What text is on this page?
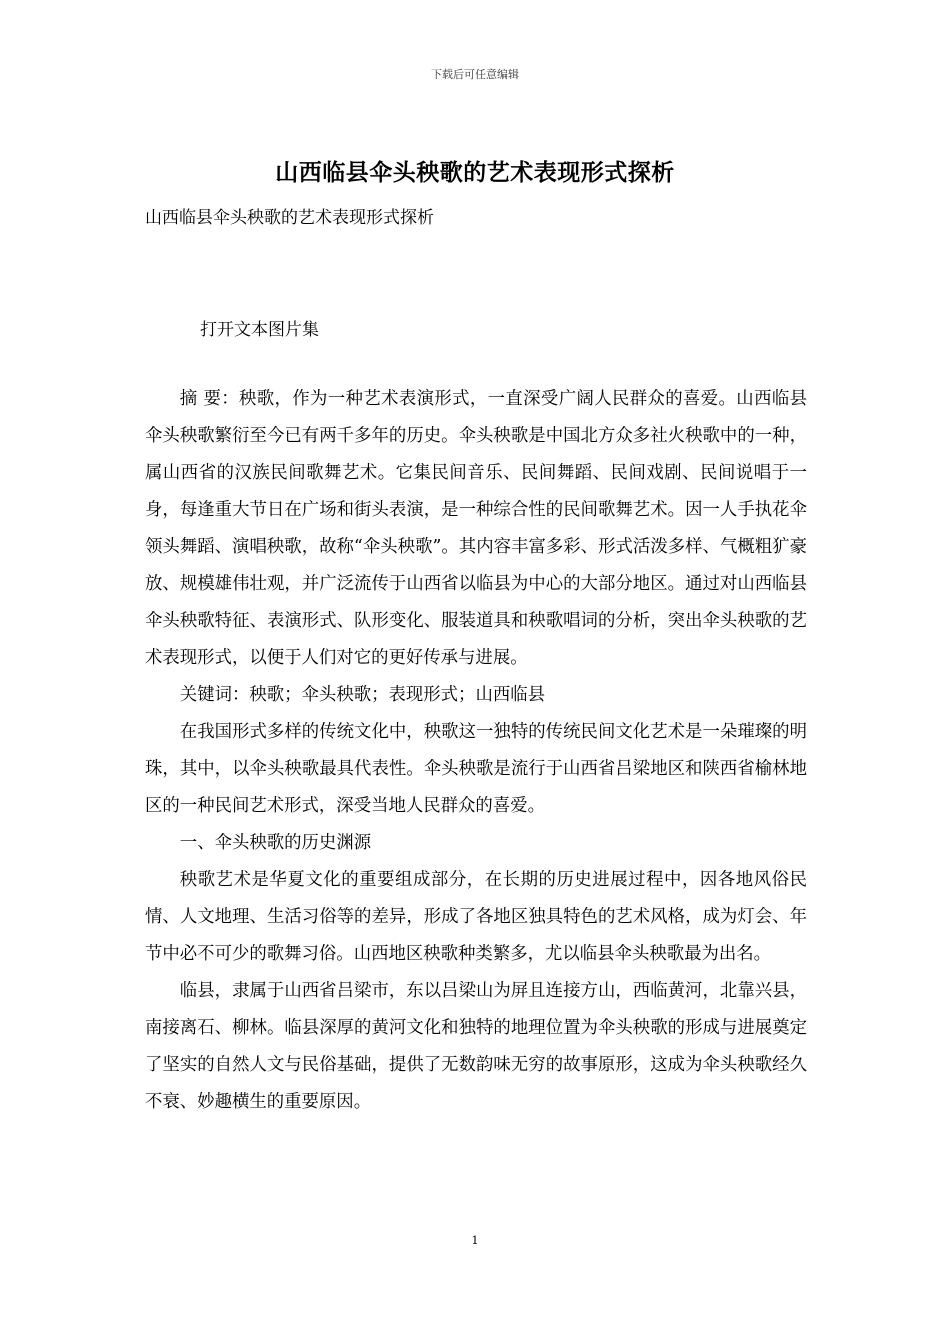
下载后可任意编辑
山西临县伞头秧歌的艺术表现形式探析
山西临县伞头秧歌的艺术表现形式探析
打开文本图片集

摘 要：秧歌，作为一种艺术表演形式，一直深受广阔人民群众的喜爱。山西临县伞头秧歌繁衍至今已有两千多年的历史。伞头秧歌是中国北方众多社火秧歌中的一种，属山西省的汉族民间歌舞艺术。它集民间音乐、民间舞蹈、民间戏剧、民间说唱于一身，每逢重大节日在广场和街头表演，是一种综合性的民间歌舞艺术。因一人手执花伞领头舞蹈、演唱秧歌，故称“伞头秧歌”。其内容丰富多彩、形式活泼多样、气概粗犷豪放、规模雄伟壮观，并广泛流传于山西省以临县为中心的大部分地区。通过对山西临县伞头秧歌特征、表演形式、队形变化、服装道具和秧歌唱词的分析，突出伞头秧歌的艺术表现形式，以便于人们对它的更好传承与进展。

关键词：秧歌；伞头秧歌；表现形式；山西临县

在我国形式多样的传统文化中，秧歌这一独特的传统民间文化艺术是一朵璀璨的明珠，其中，以伞头秧歌最具代表性。伞头秧歌是流行于山西省吕梁地区和陕西省榆林地区的一种民间艺术形式，深受当地人民群众的喜爱。

一、伞头秧歌的历史渊源

秧歌艺术是华夏文化的重要组成部分，在长期的历史进展过程中，因各地风俗民情、人文地理、生活习俗等的差异，形成了各地区独具特色的艺术风格，成为灯会、年节中必不可少的歌舞习俗。山西地区秧歌种类繁多，尤以临县伞头秧歌最为出名。

临县，隶属于山西省吕梁市，东以吕梁山为屏且连接方山，西临黄河，北靠兴县，南接离石、柳林。临县深厚的黄河文化和独特的地理位置为伞头秧歌的形成与进展奠定了坚实的自然人文与民俗基础，提供了无数韵味无穷的故事原形，这成为伞头秧歌经久不衰、妙趣横生的重要原因。

1
